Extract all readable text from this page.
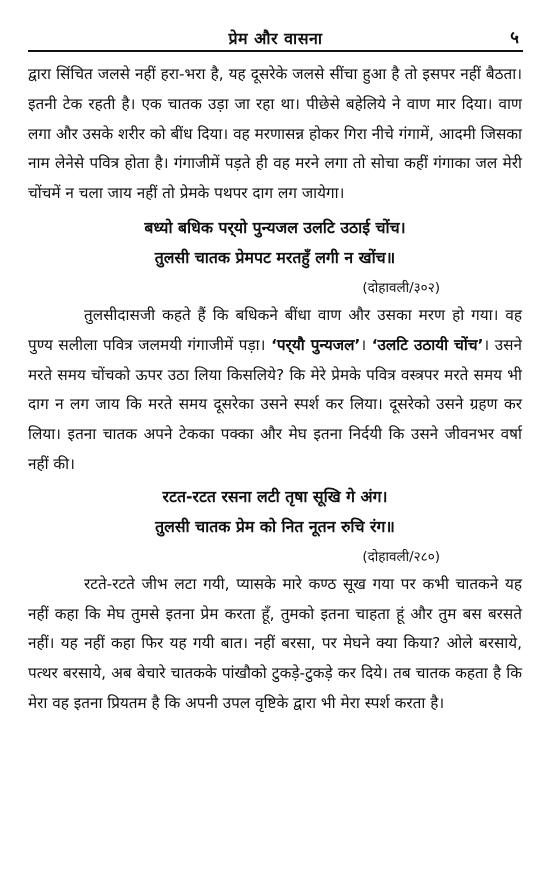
प्रेम और वासना	५

द्वारा सिंचित जलसे नहीं हरा-भरा है, यह दूसरेके जलसे सींचा हुआ है तो इसपर नहीं बैठता। इतनी टेक रहती है। एक चातक उड़ा जा रहा था। पीछेसे बहेलिये ने वाण मार दिया। वाण लगा और उसके शरीर को बींध दिया। वह मरणासन्न होकर गिरा नीचे गंगामें, आदमी जिसका नाम लेनेसे पवित्र होता है। गंगाजीमें पड़ते ही वह मरने लगा तो सोचा कहीं गंगाका जल मेरी चोंचमें न चला जाय नहीं तो प्रेमके पथपर दाग लग जायेगा।

बध्यो बधिक पर्‌यो पुन्यजल उलटि उठाई चोंच।
तुलसी चातक प्रेमपट मरतहुँ लगी न खोंच॥
(दोहावली/३०२)

तुलसीदासजी कहते हैं कि बधिकने बींधा वाण और उसका मरण हो गया। वह पुण्य सलीला पवित्र जलमयी गंगाजीमें पड़ा। ‘पर्‌यौ पुन्यजल’। ‘उलटि उठायी चोंच’। उसने मरते समय चोंचको ऊपर उठा लिया किसलिये? कि मेरे प्रेमके पवित्र वस्त्रपर मरते समय भी दाग न लग जाय कि मरते समय दूसरेका उसने स्पर्श कर लिया। दूसरेको उसने ग्रहण कर लिया। इतना चातक अपने टेकका पक्का और मेघ इतना निर्दयी कि उसने जीवनभर वर्षा नहीं की।

रटत-रटत रसना लटी तृषा सूखि गे अंग।
तुलसी चातक प्रेम को नित नूतन रुचि रंग॥
(दोहावली/२८०)

रटते-रटते जीभ लटा गयी, प्यासके मारे कण्ठ सूख गया पर कभी चातकने यह नहीं कहा कि मेघ तुमसे इतना प्रेम करता हूँ, तुमको इतना चाहता हूं और तुम बस बरसते नहीं। यह नहीं कहा फिर यह गयी बात। नहीं बरसा, पर मेघने क्या किया? ओले बरसाये, पत्थर बरसाये, अब बेचारे चातकके पांखौको टुकड़े-टुकड़े कर दिये। तब चातक कहता है कि मेरा वह इतना प्रियतम है कि अपनी उपल वृष्टिके द्वारा भी मेरा स्पर्श करता है।
